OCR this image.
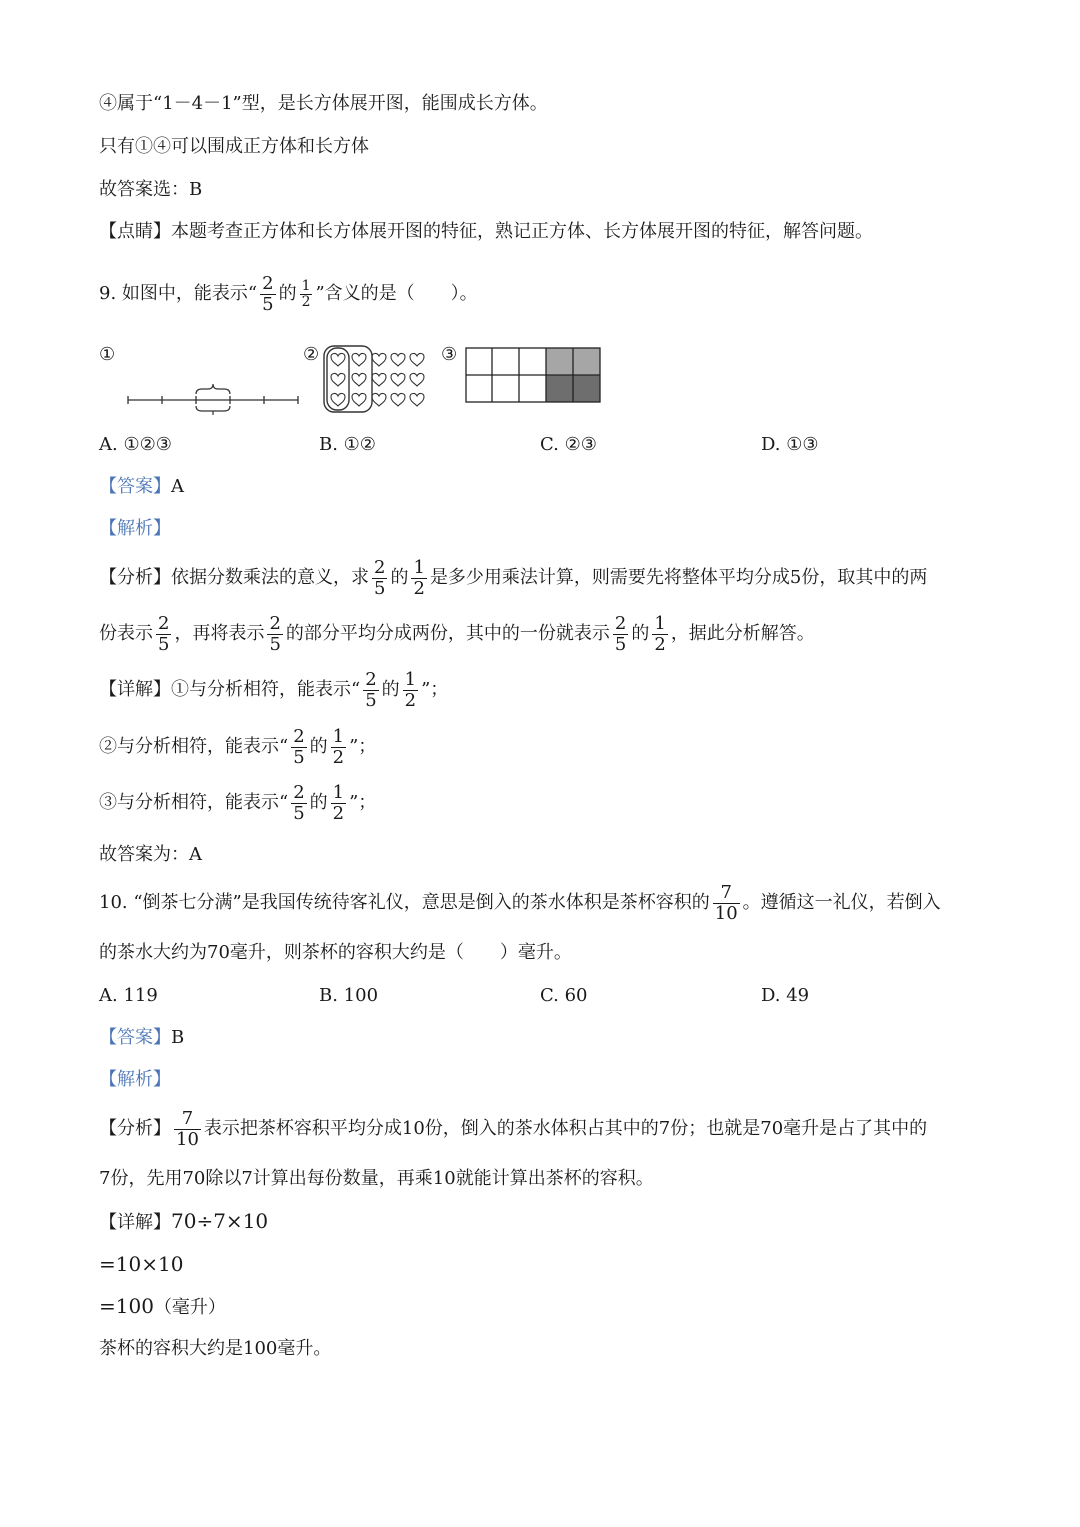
④属于“1－4－1”型，是长方体展开图，能围成长方体。
只有①④可以围成正方体和长方体
故答案选：B
【点睛】本题考查正方体和长方体展开图的特征，熟记正方体、长方体展开图的特征，解答问题。
9. 如图中，能表示“ $\frac{2}{5}$ 的 $\frac{1}{2}$ ”含义的是（　　）。
①	②	③
A. ①②③	B. ①②	C. ②③	D. ①③
【答案】A
【解析】
【分析】依据分数乘法的意义，求 $\frac{2}{5}$ 的 $\frac{1}{2}$ 是多少用乘法计算，则需要先将整体平均分成5份，取其中的两
份表示 $\frac{2}{5}$ ，再将表示 $\frac{2}{5}$ 的部分平均分成两份，其中的一份就表示 $\frac{2}{5}$ 的 $\frac{1}{2}$ ，据此分析解答。
【详解】①与分析相符，能表示“ $\frac{2}{5}$ 的 $\frac{1}{2}$ ”；
②与分析相符，能表示“ $\frac{2}{5}$ 的 $\frac{1}{2}$ ”；
③与分析相符，能表示“ $\frac{2}{5}$ 的 $\frac{1}{2}$ ”；
故答案为：A
10. “倒茶七分满”是我国传统待客礼仪，意思是倒入的茶水体积是茶杯容积的 $\frac{7}{10}$ 。遵循这一礼仪，若倒入
的茶水大约为70毫升，则茶杯的容积大约是（　　）毫升。
A. 119	B. 100	C. 60	D. 49
【答案】B
【解析】
【分析】 $\frac{7}{10}$ 表示把茶杯容积平均分成10份，倒入的茶水体积占其中的7份；也就是70毫升是占了其中的
7份，先用70除以7计算出每份数量，再乘10就能计算出茶杯的容积。
【详解】70÷7×10
=10×10
=100（毫升）
茶杯的容积大约是100毫升。
